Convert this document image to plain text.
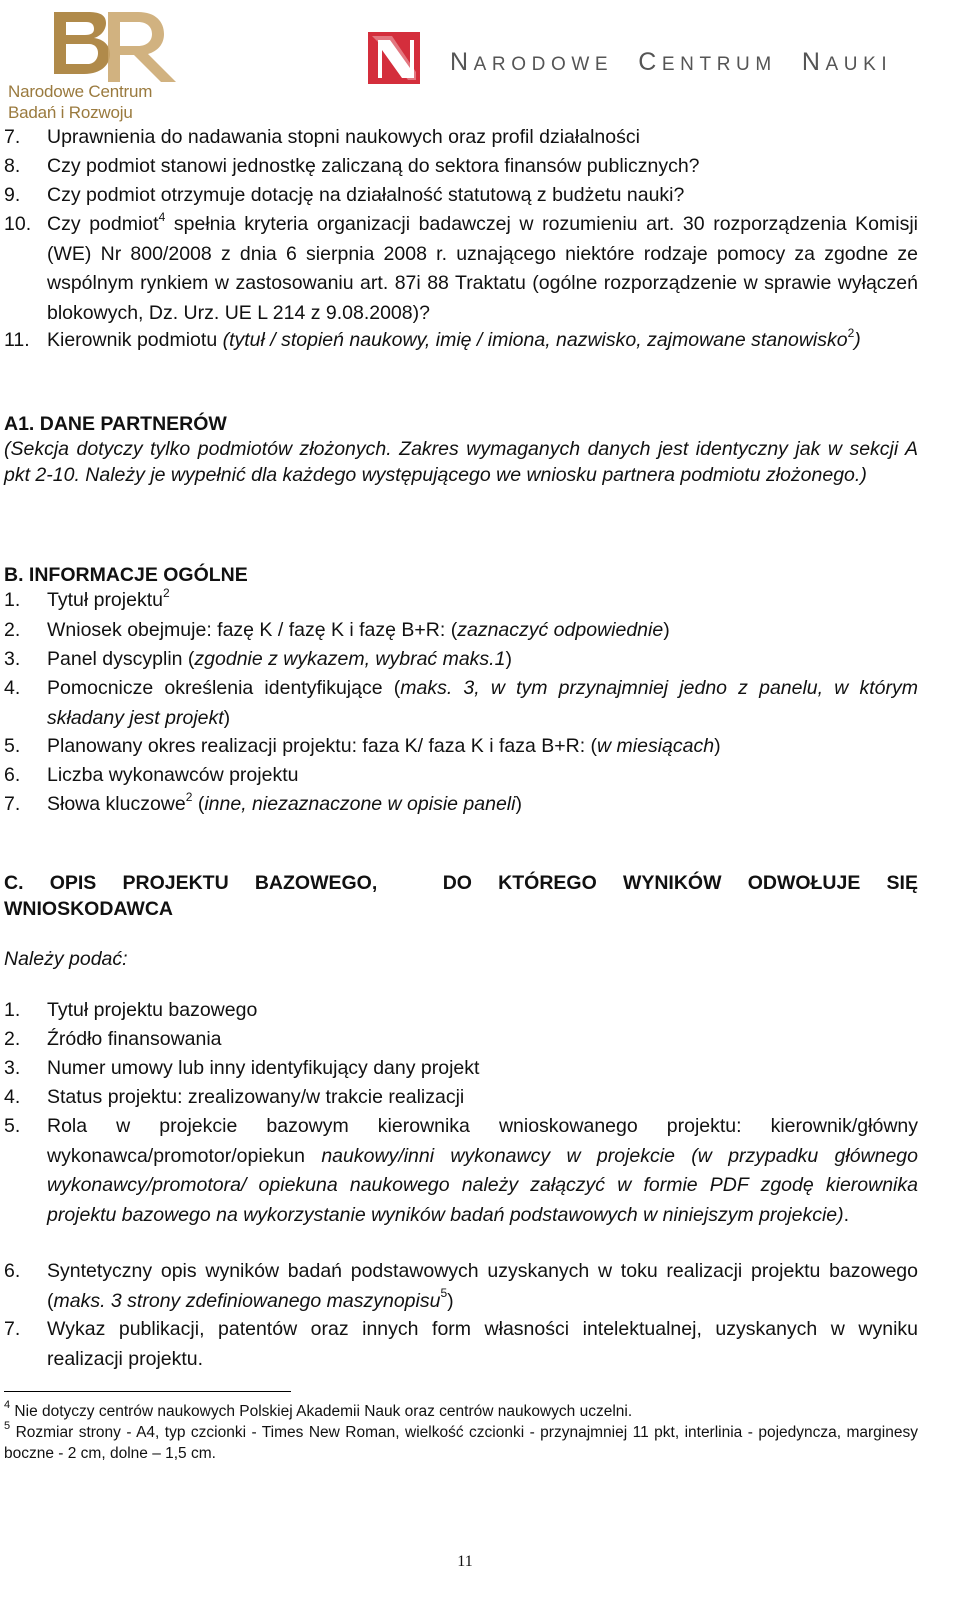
Narodowe Centrum
Badań i Rozwoju
NARODOWE CENTRUM NAUKI
7. Uprawnienia do nadawania stopni naukowych oraz profil działalności
8. Czy podmiot stanowi jednostkę zaliczaną do sektora finansów publicznych?
9. Czy podmiot otrzymuje dotację na działalność statutową z budżetu nauki?
10. Czy podmiot$^4$ spełnia kryteria organizacji badawczej w rozumieniu art. 30 rozporządzenia Komisji (WE) Nr 800/2008 z dnia 6 sierpnia 2008 r. uznającego niektóre rodzaje pomocy za zgodne ze wspólnym rynkiem w zastosowaniu art. 87i 88 Traktatu (ogólne rozporządzenie w sprawie wyłączeń blokowych, Dz. Urz. UE L 214 z 9.08.2008)?
11. Kierownik podmiotu (tytuł / stopień naukowy, imię / imiona, nazwisko, zajmowane stanowisko$^2$)
A1. DANE PARTNERÓW
(Sekcja dotyczy tylko podmiotów złożonych. Zakres wymaganych danych jest identyczny jak w sekcji A pkt 2-10. Należy je wypełnić dla każdego występującego we wniosku partnera podmiotu złożonego.)
B. INFORMACJE OGÓLNE
1. Tytuł projektu$^2$
2. Wniosek obejmuje: fazę K / fazę K i fazę B+R: (zaznaczyć odpowiednie)
3. Panel dyscyplin (zgodnie z wykazem, wybrać maks.1)
4. Pomocnicze określenia identyfikujące (maks. 3, w tym przynajmniej jedno z panelu, w którym składany jest projekt)
5. Planowany okres realizacji projektu: faza K/ faza K i faza B+R: (w miesiącach)
6. Liczba wykonawców projektu
7. Słowa kluczowe$^2$ (inne, niezaznaczone w opisie paneli)
C.  OPIS  PROJEKTU  BAZOWEGO,     DO  KTÓREGO  WYNIKÓW  ODWOŁUJE  SIĘ
WNIOSKODAWCA
Należy podać:
1. Tytuł projektu bazowego
2. Źródło finansowania
3. Numer umowy lub inny identyfikujący dany projekt
4. Status projektu: zrealizowany/w trakcie realizacji
5. Rola w projekcie bazowym kierownika wnioskowanego projektu: kierownik/główny wykonawca/promotor/opiekun naukowy/inni wykonawcy w projekcie (w przypadku głównego wykonawcy/promotora/ opiekuna naukowego należy załączyć w formie PDF zgodę kierownika projektu bazowego na wykorzystanie wyników badań podstawowych w niniejszym projekcie).
6. Syntetyczny opis wyników badań podstawowych uzyskanych w toku realizacji projektu bazowego (maks. 3 strony zdefiniowanego maszynopisu$^5$)
7. Wykaz publikacji, patentów oraz innych form własności intelektualnej, uzyskanych w wyniku realizacji projektu.
$^4$ Nie dotyczy centrów naukowych Polskiej Akademii Nauk oraz centrów naukowych uczelni.
$^5$ Rozmiar strony - A4, typ czcionki - Times New Roman, wielkość czcionki - przynajmniej 11 pkt, interlinia - pojedyncza, marginesy boczne - 2 cm, dolne – 1,5 cm.
11
